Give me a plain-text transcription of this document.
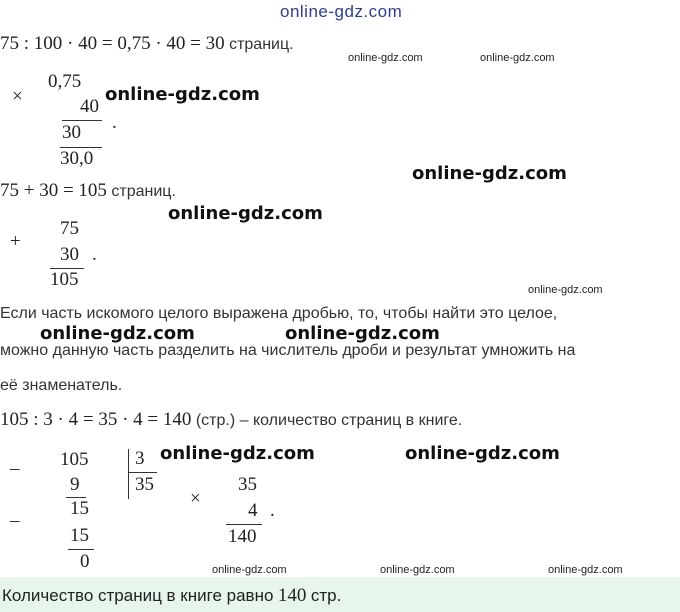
online-gdz.com
75 : 100 · 40 = 0,75 · 40 = 30 страниц.
online-gdz.com	online-gdz.com
×
0,75
40
30 .
30,0
online-gdz.com
online-gdz.com
75 + 30 = 105 страниц.
online-gdz.com
+
75
30
105
.
online-gdz.com
Если часть искомого целого выражена дробью, то, чтобы найти это целое,
online-gdz.com	online-gdz.com
можно данную часть разделить на числитель дроби и результат умножить на
её знаменатель.
105 : 3 · 4 = 35 · 4 = 140 (стр.) – количество страниц в книге.
– 105 3
35
9
15
–
15
0
×
35
4
140
.
online-gdz.com	online-gdz.com
online-gdz.com	online-gdz.com	online-gdz.com
Количество страниц в книге равно 140 стр.
